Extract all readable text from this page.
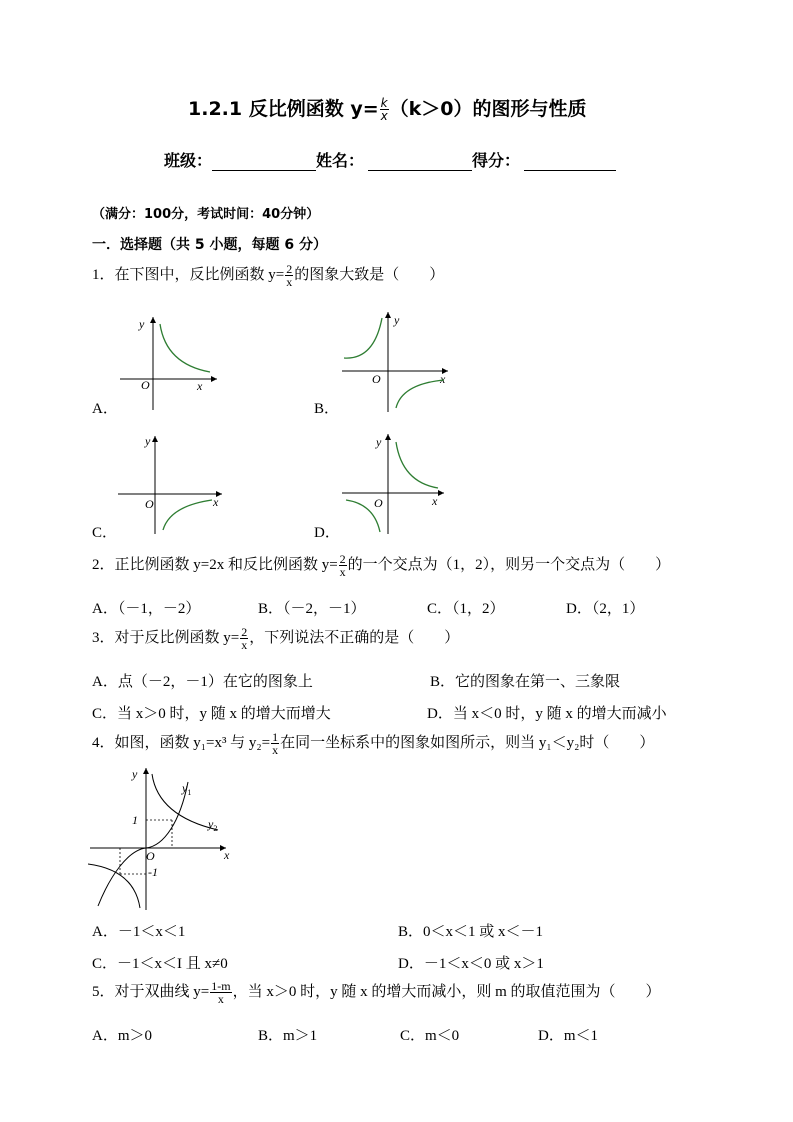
1.2.1 反比例函数 $y= \frac{k}{x} (k>0)$的图形与性质
班级：	姓名：	得分：
（满分：100分，考试时间：40分钟）
一．选择题（共 5 小题，每题 6 分）
1．在下图中，反比例函数 $y= \frac{2}{x}$ 的图象大致是（　　）
y
x
O
A．
y
x
O
B．
y
x
O
C．
y
x
O
D．
2．正比例函数 y=2x 和反比例函数 $y= \frac{2}{x}$ 的一个交点为（1，2），则另一个交点为（　　）
A．（－1，－2）	B．（－2，－1）	C．（1，2）	D．（2，1）
3．对于反比例函数 $y= \frac{2}{x}$ ，下列说法不正确的是（　　）
A．点（－2，－1）在它的图象上	B．它的图象在第一、三象限
C．当 x＞0 时，y 随 x 的增大而增大	D．当 x＜0 时，y 随 x 的增大而减小
4．如图，函数 y₁=x³ 与 $y_2= \frac{1}{x}$ 在同一坐标系中的图象如图所示，则当 y₁＜y₂时（　　）
y
x
O
1
-1
$y_1$
$y_2$
A．－1＜x＜1	B．0＜x＜1 或 x＜－1
C．－1＜x＜I 且 x≠0	D．－1＜x＜0 或 x＞1
5．对于双曲线 $y= \frac{1-m}{x}$ ，当 x＞0 时，y 随 x 的增大而减小，则 m 的取值范围为（　　）
A．m＞0	B．m＞1	C．m＜0	D．m＜1
